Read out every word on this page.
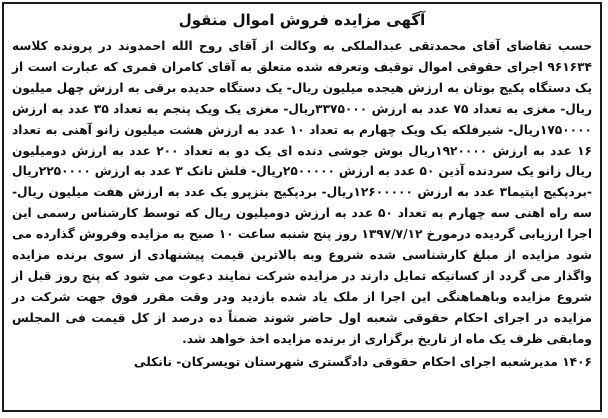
آگهی مزایده فروش اموال منقول

حسب تقاضای آقای محمدتقی عبدالملکی به وکالت از آقای روح الله احمدوند در پرونده کلاسه ۹۶۱۶۳۴ اجرای حقوقی اموال توقیف وتعرفه شده متعلق به آقای کامران قمری که عبارت است از یک دستگاه پکیج بوتان به ارزش هیجده میلیون ریال- یک دستگاه حدیده برقی به ارزش چهل میلیون ریال- مغزی به تعداد ۷۵ عدد به ارزش ۳۳۷۵۰۰۰ریال- مغزی یک ویک پنجم به تعداد ۳۵ عدد به ارزش ۱۷۵۰۰۰۰ریال- شیرفلکه یک ویک چهارم به تعداد ۱۰ عدد به ارزش هشت میلیون زانو آهنی به تعداد ۱۶ عدد به ارزش ۱۹۲۰۰۰۰ریال بوش جوشی دنده ای یک دو به تعداد ۲۰۰ عدد به ارزش دومیلیون ریال زانو یک سردنده آذین ۵۰ عدد به ارزش ۲۵۰۰۰۰۰ریال- فلش تانک ۳ عدد به ارزش ۲۲۵۰۰۰۰ریال -بردپکیج اپتیما۳ عدد به ارزش ۱۲۶۰۰۰۰۰ریال- بردپکیج بنزپرو یک عدد به ارزش هفت میلیون ریال- سه راه اهنی سه چهارم به تعداد ۵۰ عدد به ارزش دومیلیون ریال که توسط کارشناس رسمی این اجرا ارزیابی گردیده درمورخ ۱۳۹۷/۷/۱۲ روز پنج شنبه ساعت ۱۰ صبح به مزایده وفروش گذارده می شود مزایده از مبلغ کارشناسی شده شروع وبه بالاترین قیمت پیشنهادی از سوی برنده مزایده واگذار می گردد از کسانیکه تمایل دارند در مزایده شرکت نمایند دعوت می شود که پنج روز قبل از شروع مزایده وباهماهنگی این اجرا از ملک یاد شده بازدید ودر وقت مقرر فوق جهت شرکت در مزایده در اجرای احکام حقوقی شعبه اول حاضر شوند ضمناً ده درصد از کل قیمت فی المجلس ومابقی ظرف یک ماه از تاریخ برگزاری از برنده مزایده اخذ خواهد شد.

۱۴۰۶ مدیرشعبه اجرای احکام حقوقی دادگستری شهرستان تویسرکان- نانکلی
